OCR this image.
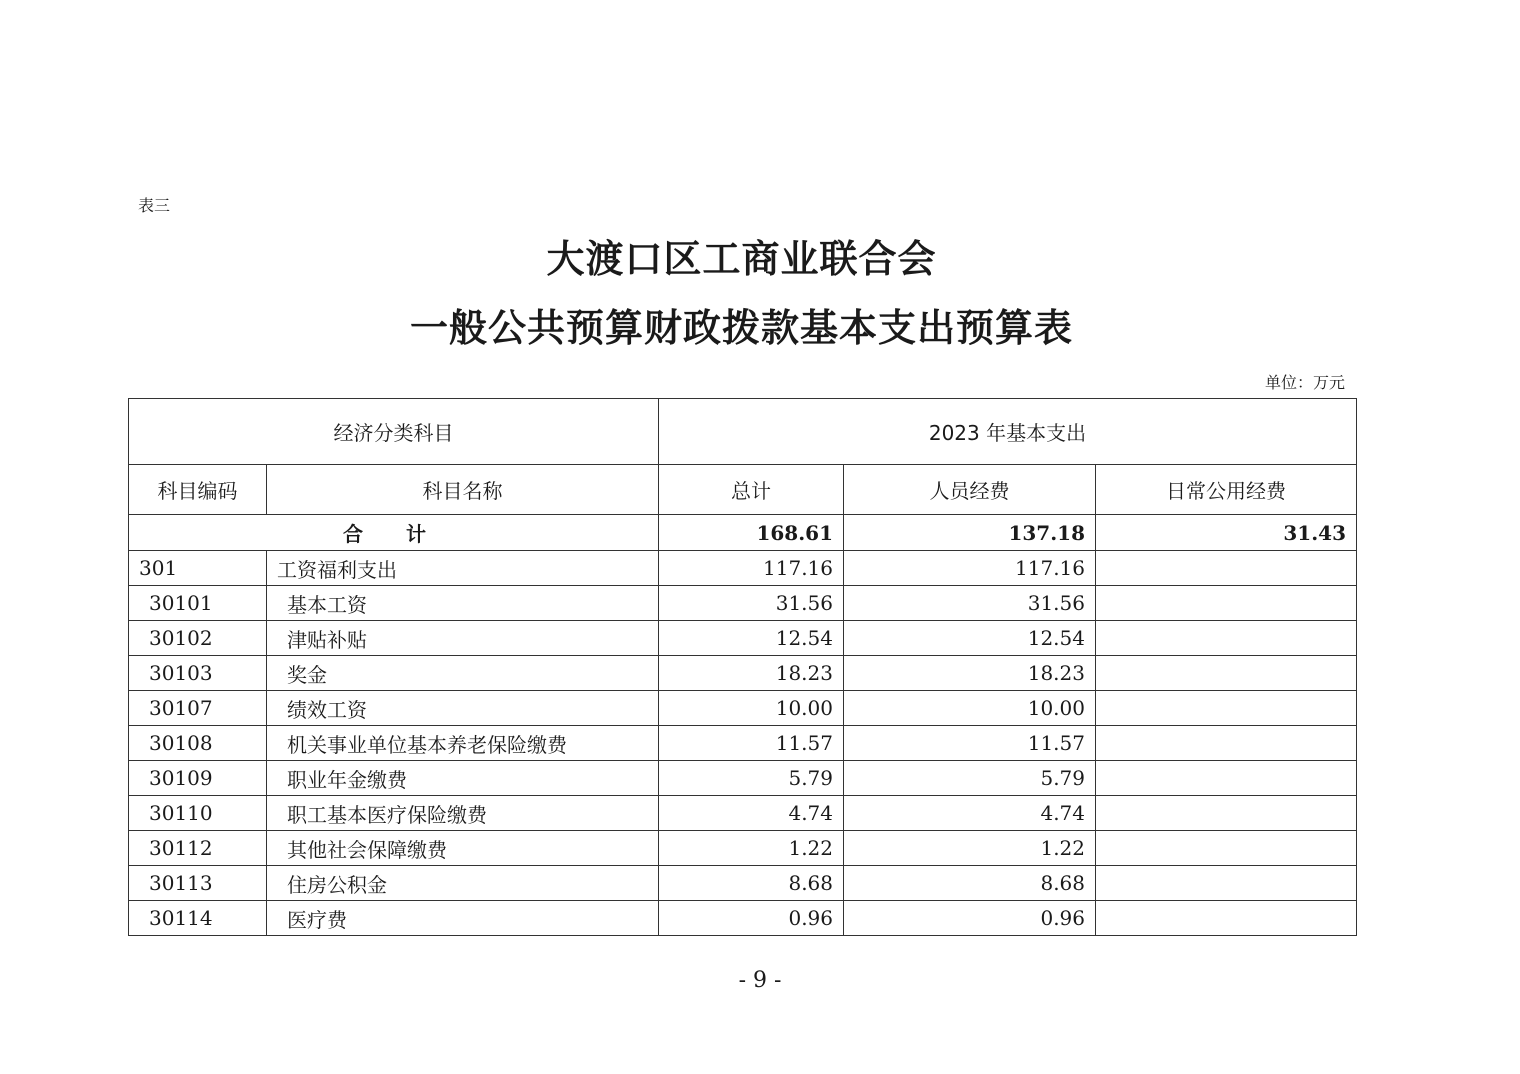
表三
大渡口区工商业联合会
一般公共预算财政拨款基本支出预算表
单位：万元
经济分类科目		2023 年基本支出		
科目编码	科目名称	总计	人员经费	日常公用经费
合 计		168.61	137.18	31.43
301	工资福利支出	117.16	117.16	
30101	基本工资	31.56	31.56	
30102	津贴补贴	12.54	12.54	
30103	奖金	18.23	18.23	
30107	绩效工资	10.00	10.00	
30108	机关事业单位基本养老保险缴费	11.57	11.57	
30109	职业年金缴费	5.79	5.79	
30110	职工基本医疗保险缴费	4.74	4.74	
30112	其他社会保障缴费	1.22	1.22	
30113	住房公积金	8.68	8.68	
30114	医疗费	0.96	0.96	
- 9 -
